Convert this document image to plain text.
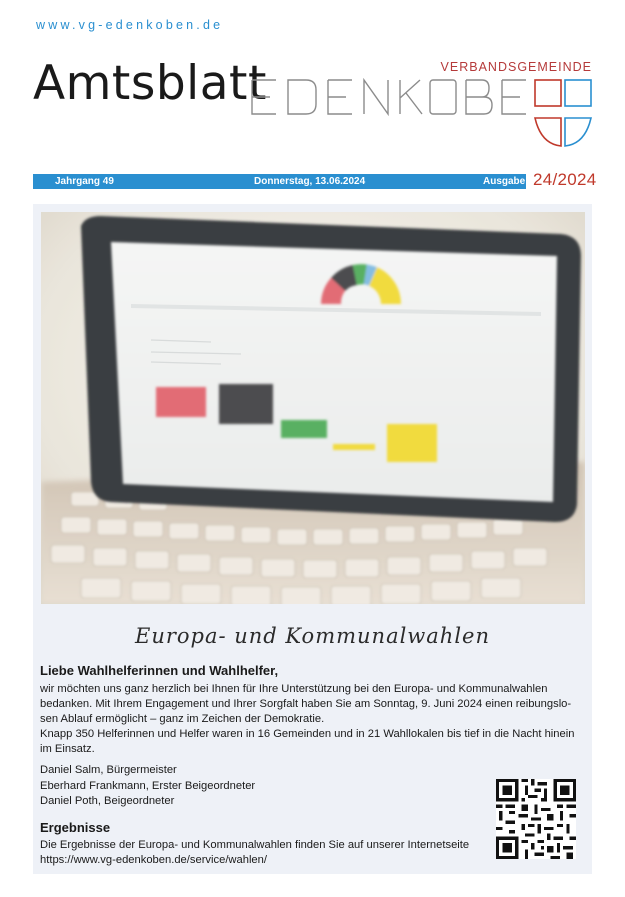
www.vg-edenkoben.de
Amtsblatt	VERBANDSGEMEINDE
Jahrgang 49	Donnerstag, 13.06.2024	Ausgabe 24/2024
Europa- und Kommunalwahlen
Liebe Wahlhelferinnen und Wahlhelfer,

wir möchten uns ganz herzlich bei Ihnen für Ihre Unterstützung bei den Europa- und Kommunalwahlen

bedanken. Mit Ihrem Engagement und Ihrer Sorgfalt haben Sie am Sonntag, 9. Juni 2024 einen reibungslo-

sen Ablauf ermöglicht – ganz im Zeichen der Demokratie.

Knapp 350 Helferinnen und Helfer waren in 16 Gemeinden und in 21 Wahllokalen bis tief in die Nacht hinein

im Einsatz.

Daniel Salm, Bürgermeister
Eberhard Frankmann, Erster Beigeordneter
Daniel Poth, Beigeordneter
Ergebnisse
Die Ergebnisse der Europa- und Kommunalwahlen finden Sie auf unserer Internetseite
https://www.vg-edenkoben.de/service/wahlen/
